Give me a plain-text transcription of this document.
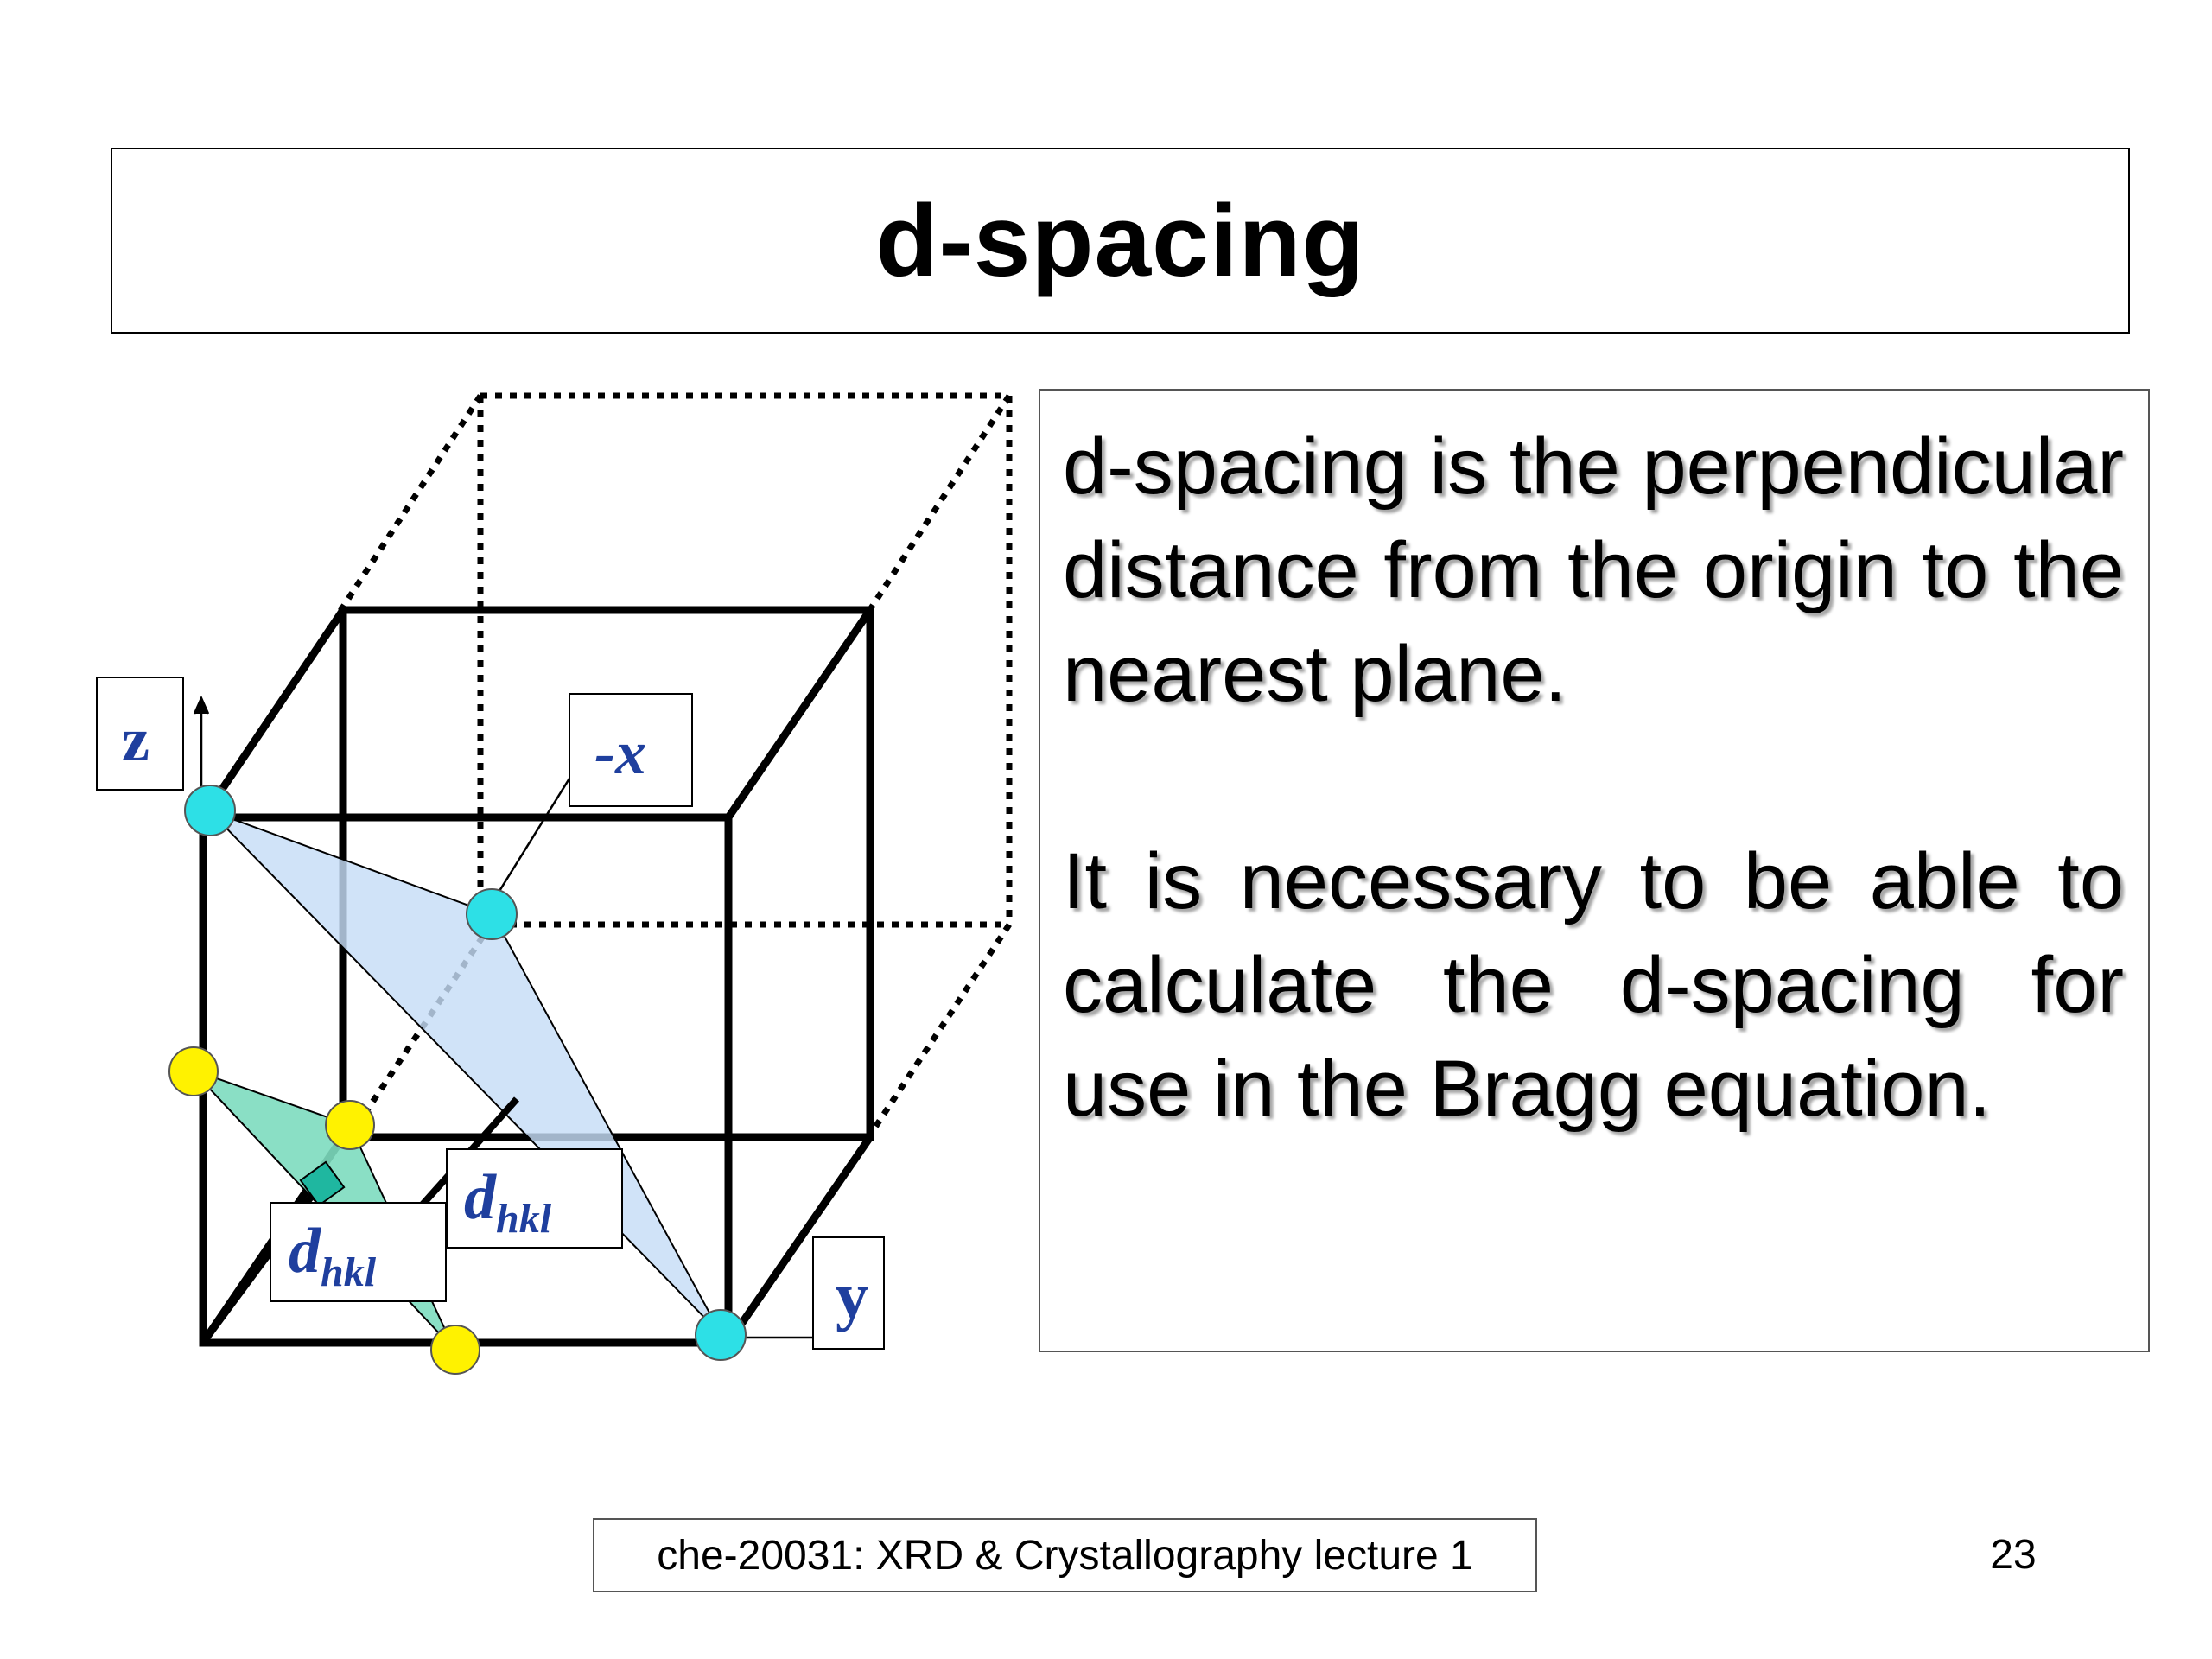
d-spacing
z	-x
y
dhkl
dhkl

d-spacing is the perpendicular distance from the origin to the nearest plane.

It is necessary to be able to calculate the d-spacing for use in the Bragg equation.

che-20031: XRD & Crystallography lecture 1	23
